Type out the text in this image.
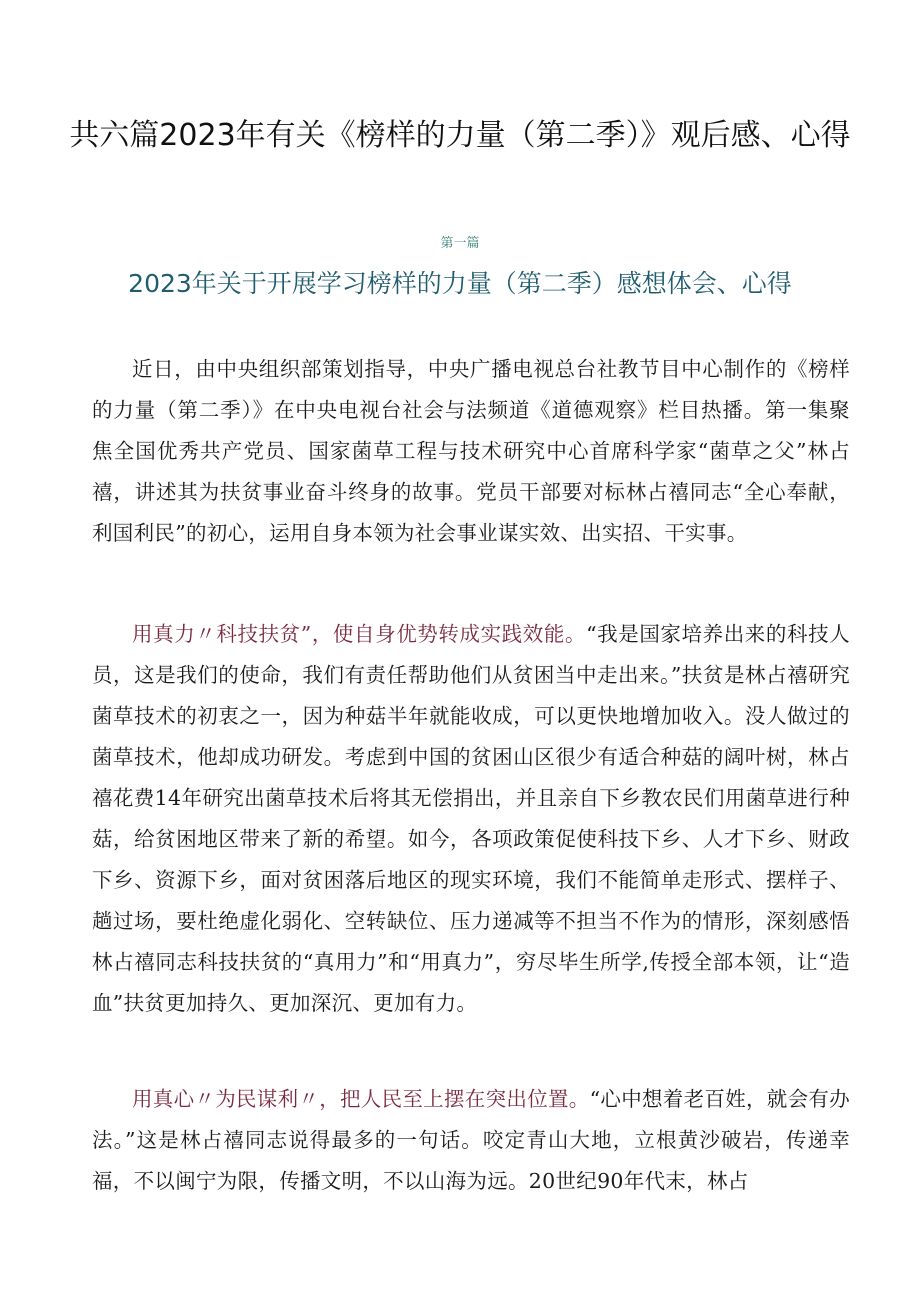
共六篇2023年有关《榜样的力量（第二季）》观后感、心得
第一篇
2023年关于开展学习榜样的力量（第二季）感想体会、心得

近日，由中央组织部策划指导，中央广播电视总台社教节目中心制作的《榜样的力量（第二季）》在中央电视台社会与法频道《道德观察》栏目热播。第一集聚焦全国优秀共产党员、国家菌草工程与技术研究中心首席科学家“菌草之父”林占禧，讲述其为扶贫事业奋斗终身的故事。党员干部要对标林占禧同志“全心奉献，利国利民”的初心，运用自身本领为社会事业谋实效、出实招、干实事。

用真力〃科技扶贫”，使自身优势转成实践效能。“我是国家培养出来的科技人员，这是我们的使命，我们有责任帮助他们从贫困当中走出来。”扶贫是林占禧研究菌草技术的初衷之一，因为种菇半年就能收成，可以更快地增加收入。没人做过的菌草技术，他却成功研发。考虑到中国的贫困山区很少有适合种菇的阔叶树，林占禧花费14年研究出菌草技术后将其无偿捐出，并且亲自下乡教农民们用菌草进行种菇，给贫困地区带来了新的希望。如今，各项政策促使科技下乡、人才下乡、财政下乡、资源下乡，面对贫困落后地区的现实环境，我们不能简单走形式、摆样子、趟过场，要杜绝虚化弱化、空转缺位、压力递减等不担当不作为的情形，深刻感悟林占禧同志科技扶贫的“真用力”和“用真力”，穷尽毕生所学,传授全部本领，让“造血”扶贫更加持久、更加深沉、更加有力。

用真心〃为民谋利〃，把人民至上摆在突出位置。“心中想着老百姓，就会有办法。”这是林占禧同志说得最多的一句话。咬定青山大地，立根黄沙破岩，传递幸福，不以闽宁为限，传播文明，不以山海为远。20世纪90年代末，林占
